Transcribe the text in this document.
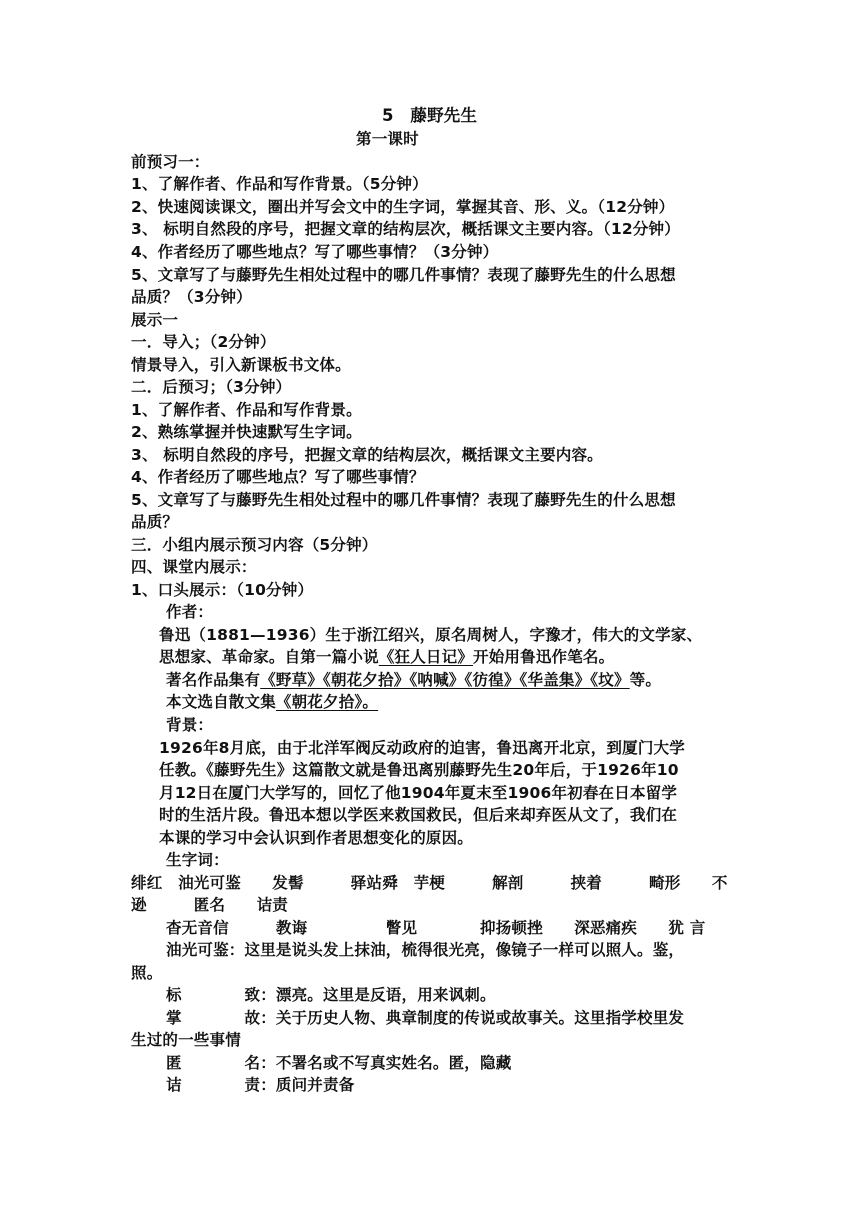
5　藤野先生
第一课时
前预习一：
1、了解作者、作品和写作背景。（5分钟）
2、快速阅读课文，圈出并写会文中的生字词，掌握其音、形、义。（12分钟）
3、 标明自然段的序号，把握文章的结构层次，概括课文主要内容。（12分钟）
4、作者经历了哪些地点？写了哪些事情？（3分钟）
5、文章写了与藤野先生相处过程中的哪几件事情？表现了藤野先生的什么思想
品质？（3分钟）
展示一
一．导入；（2分钟）
情景导入，引入新课板书文体。
二．后预习；（3分钟）
1、了解作者、作品和写作背景。
2、熟练掌握并快速默写生字词。
3、 标明自然段的序号，把握文章的结构层次，概括课文主要内容。
4、作者经历了哪些地点？写了哪些事情？
5、文章写了与藤野先生相处过程中的哪几件事情？表现了藤野先生的什么思想
品质？
三．小组内展示预习内容（5分钟）
四、课堂内展示：
1、口头展示：（10分钟）
作者：
鲁迅（1881—1936）生于浙江绍兴，原名周树人，字豫才，伟大的文学家、
思想家、革命家。自第一篇小说《狂人日记》开始用鲁迅作笔名。
著名作品集有《野草》《朝花夕拾》《呐喊》《彷徨》《华盖集》《坟》等。
本文选自散文集《朝花夕拾》。
背景：
1926年8月底，由于北洋军阀反动政府的迫害，鲁迅离开北京，到厦门大学
任教。《藤野先生》这篇散文就是鲁迅离别藤野先生20年后，于1926年10
月12日在厦门大学写的，回忆了他1904年夏末至1906年初春在日本留学
时的生活片段。鲁迅本想以学医来救国救民，但后来却弃医从文了，我们在
本课的学习中会认识到作者思想变化的原因。
生字词：
绯红　油光可鉴　　发髻　　　驿站舜　芋梗　　　解剖　　　挟着　　　畸形　　不
逊　　　匿名　　诘责
杳无音信　　　教诲　　　　　瞥见　　　　抑扬顿挫　　深恶痛疾　　犹 言
油光可鉴：这里是说头发上抹油，梳得很光亮，像镜子一样可以照人。鉴，
照。
标　　　　致：漂亮。这里是反语，用来讽刺。
掌　　　　故：关于历史人物、典章制度的传说或故事关。这里指学校里发
生过的一些事情
匿　　　　名：不署名或不写真实姓名。匿，隐藏
诘　　　　责：质问并责备
